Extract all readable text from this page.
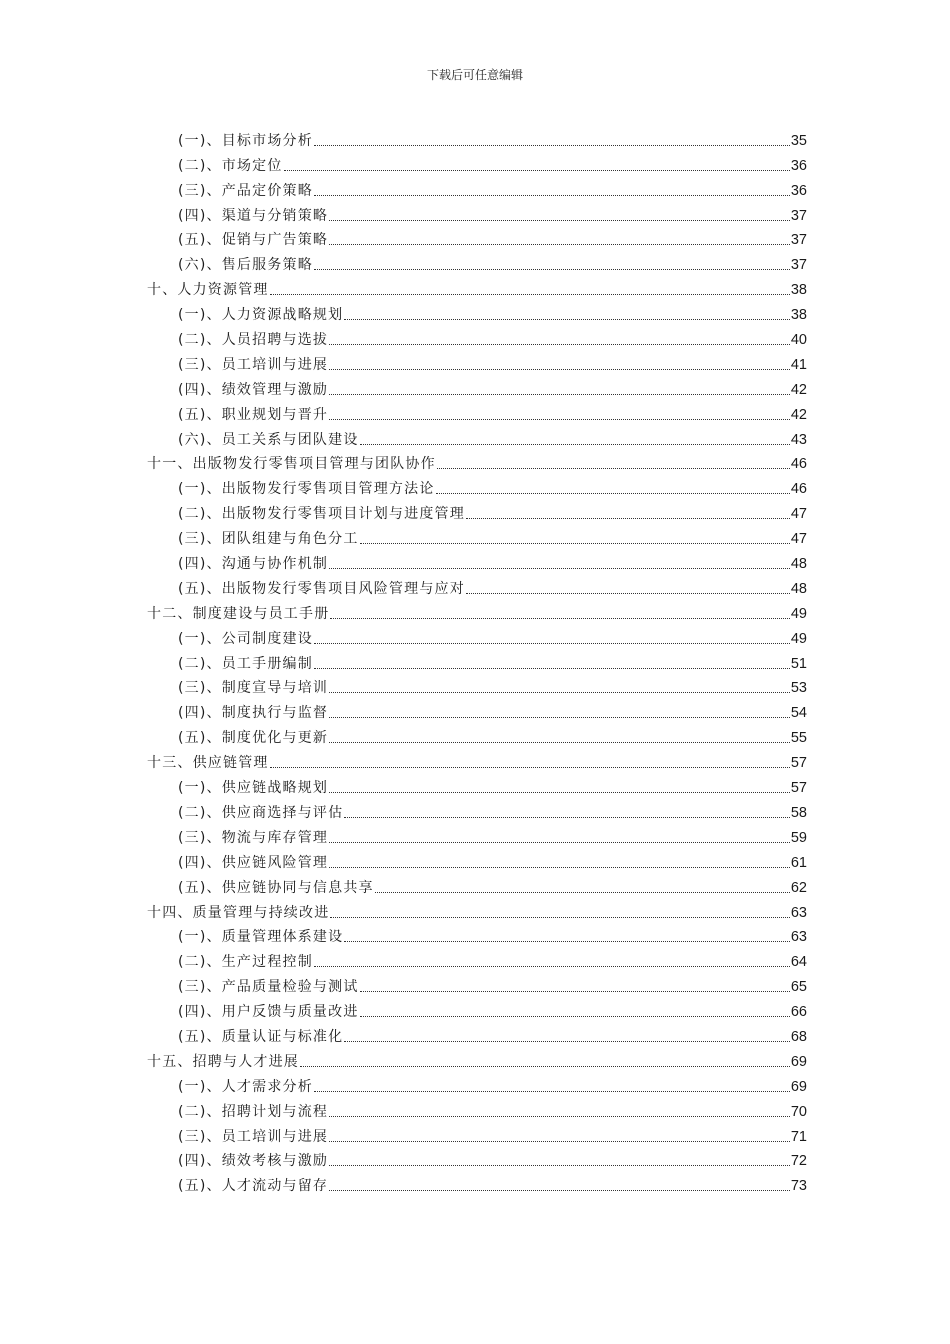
下载后可任意编辑
(一)、目标市场分析	35
(二)、市场定位	36
(三)、产品定价策略	36
(四)、渠道与分销策略	37
(五)、促销与广告策略	37
(六)、售后服务策略	37
十、人力资源管理	38
(一)、人力资源战略规划	38
(二)、人员招聘与选拔	40
(三)、员工培训与进展	41
(四)、绩效管理与激励	42
(五)、职业规划与晋升	42
(六)、员工关系与团队建设	43
十一、出版物发行零售项目管理与团队协作	46
(一)、出版物发行零售项目管理方法论	46
(二)、出版物发行零售项目计划与进度管理	47
(三)、团队组建与角色分工	47
(四)、沟通与协作机制	48
(五)、出版物发行零售项目风险管理与应对	48
十二、制度建设与员工手册	49
(一)、公司制度建设	49
(二)、员工手册编制	51
(三)、制度宣导与培训	53
(四)、制度执行与监督	54
(五)、制度优化与更新	55
十三、供应链管理	57
(一)、供应链战略规划	57
(二)、供应商选择与评估	58
(三)、物流与库存管理	59
(四)、供应链风险管理	61
(五)、供应链协同与信息共享	62
十四、质量管理与持续改进	63
(一)、质量管理体系建设	63
(二)、生产过程控制	64
(三)、产品质量检验与测试	65
(四)、用户反馈与质量改进	66
(五)、质量认证与标准化	68
十五、招聘与人才进展	69
(一)、人才需求分析	69
(二)、招聘计划与流程	70
(三)、员工培训与进展	71
(四)、绩效考核与激励	72
(五)、人才流动与留存	73
